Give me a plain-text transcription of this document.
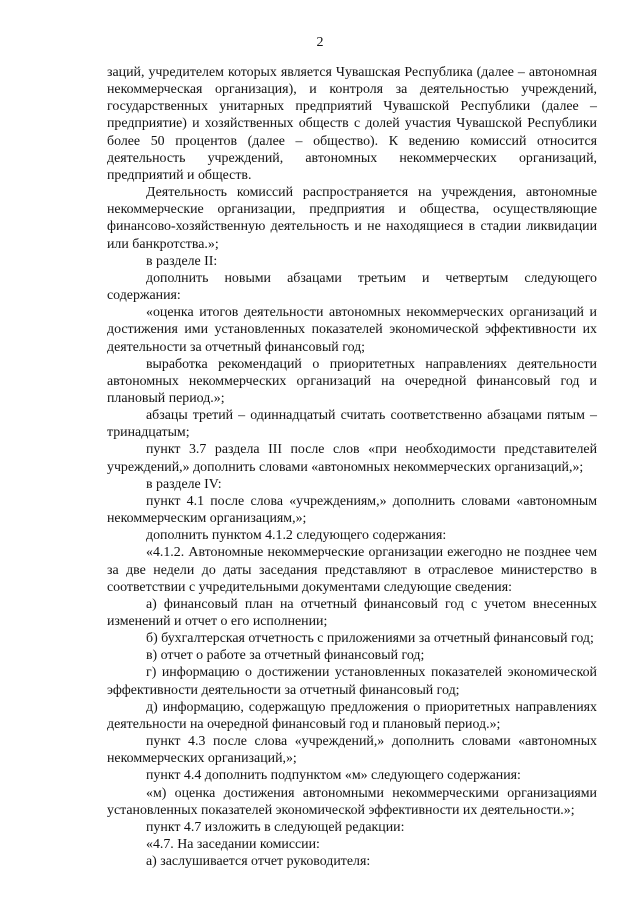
2

заций, учредителем которых является Чувашская Республика (далее – автономная некоммерческая организация), и контроля за деятельностью учреждений, государственных унитарных предприятий Чувашской Республики (далее – предприятие) и хозяйственных обществ с долей участия Чувашской Республики более 50 процентов (далее – общество). К ведению комиссий относится деятельность учреждений, автономных некоммерческих организаций, предприятий и обществ.

Деятельность комиссий распространяется на учреждения, автономные некоммерческие организации, предприятия и общества, осуществляющие финансово-хозяйственную деятельность и не находящиеся в стадии ликвидации или банкротства.»;

в разделе II:

дополнить новыми абзацами третьим и четвертым следующего содержания:

«оценка итогов деятельности автономных некоммерческих организаций и достижения ими установленных показателей экономической эффективности их деятельности за отчетный финансовый год;

выработка рекомендаций о приоритетных направлениях деятельности автономных некоммерческих организаций на очередной финансовый год и плановый период.»;

абзацы третий – одиннадцатый считать соответственно абзацами пятым – тринадцатым;

пункт 3.7 раздела III после слов «при необходимости представителей учреждений,» дополнить словами «автономных некоммерческих организаций,»;

в разделе IV:

пункт 4.1 после слова «учреждениям,» дополнить словами «автономным некоммерческим организациям,»;

дополнить пунктом 4.1.2 следующего содержания:

«4.1.2. Автономные некоммерческие организации ежегодно не позднее чем за две недели до даты заседания представляют в отраслевое министерство в соответствии с учредительными документами следующие сведения:

а) финансовый план на отчетный финансовый год с учетом внесенных изменений и отчет о его исполнении;

б) бухгалтерская отчетность с приложениями за отчетный финансовый год;

в) отчет о работе за отчетный финансовый год;

г) информацию о достижении установленных показателей экономической эффективности деятельности за отчетный финансовый год;

д) информацию, содержащую предложения о приоритетных направлениях деятельности на очередной финансовый год и плановый период.»;

пункт 4.3 после слова «учреждений,» дополнить словами «автономных некоммерческих организаций,»;

пункт 4.4 дополнить подпунктом «м» следующего содержания:

«м) оценка достижения автономными некоммерческими организациями установленных показателей экономической эффективности их деятельности.»;

пункт 4.7 изложить в следующей редакции:

«4.7. На заседании комиссии:

а) заслушивается отчет руководителя:
